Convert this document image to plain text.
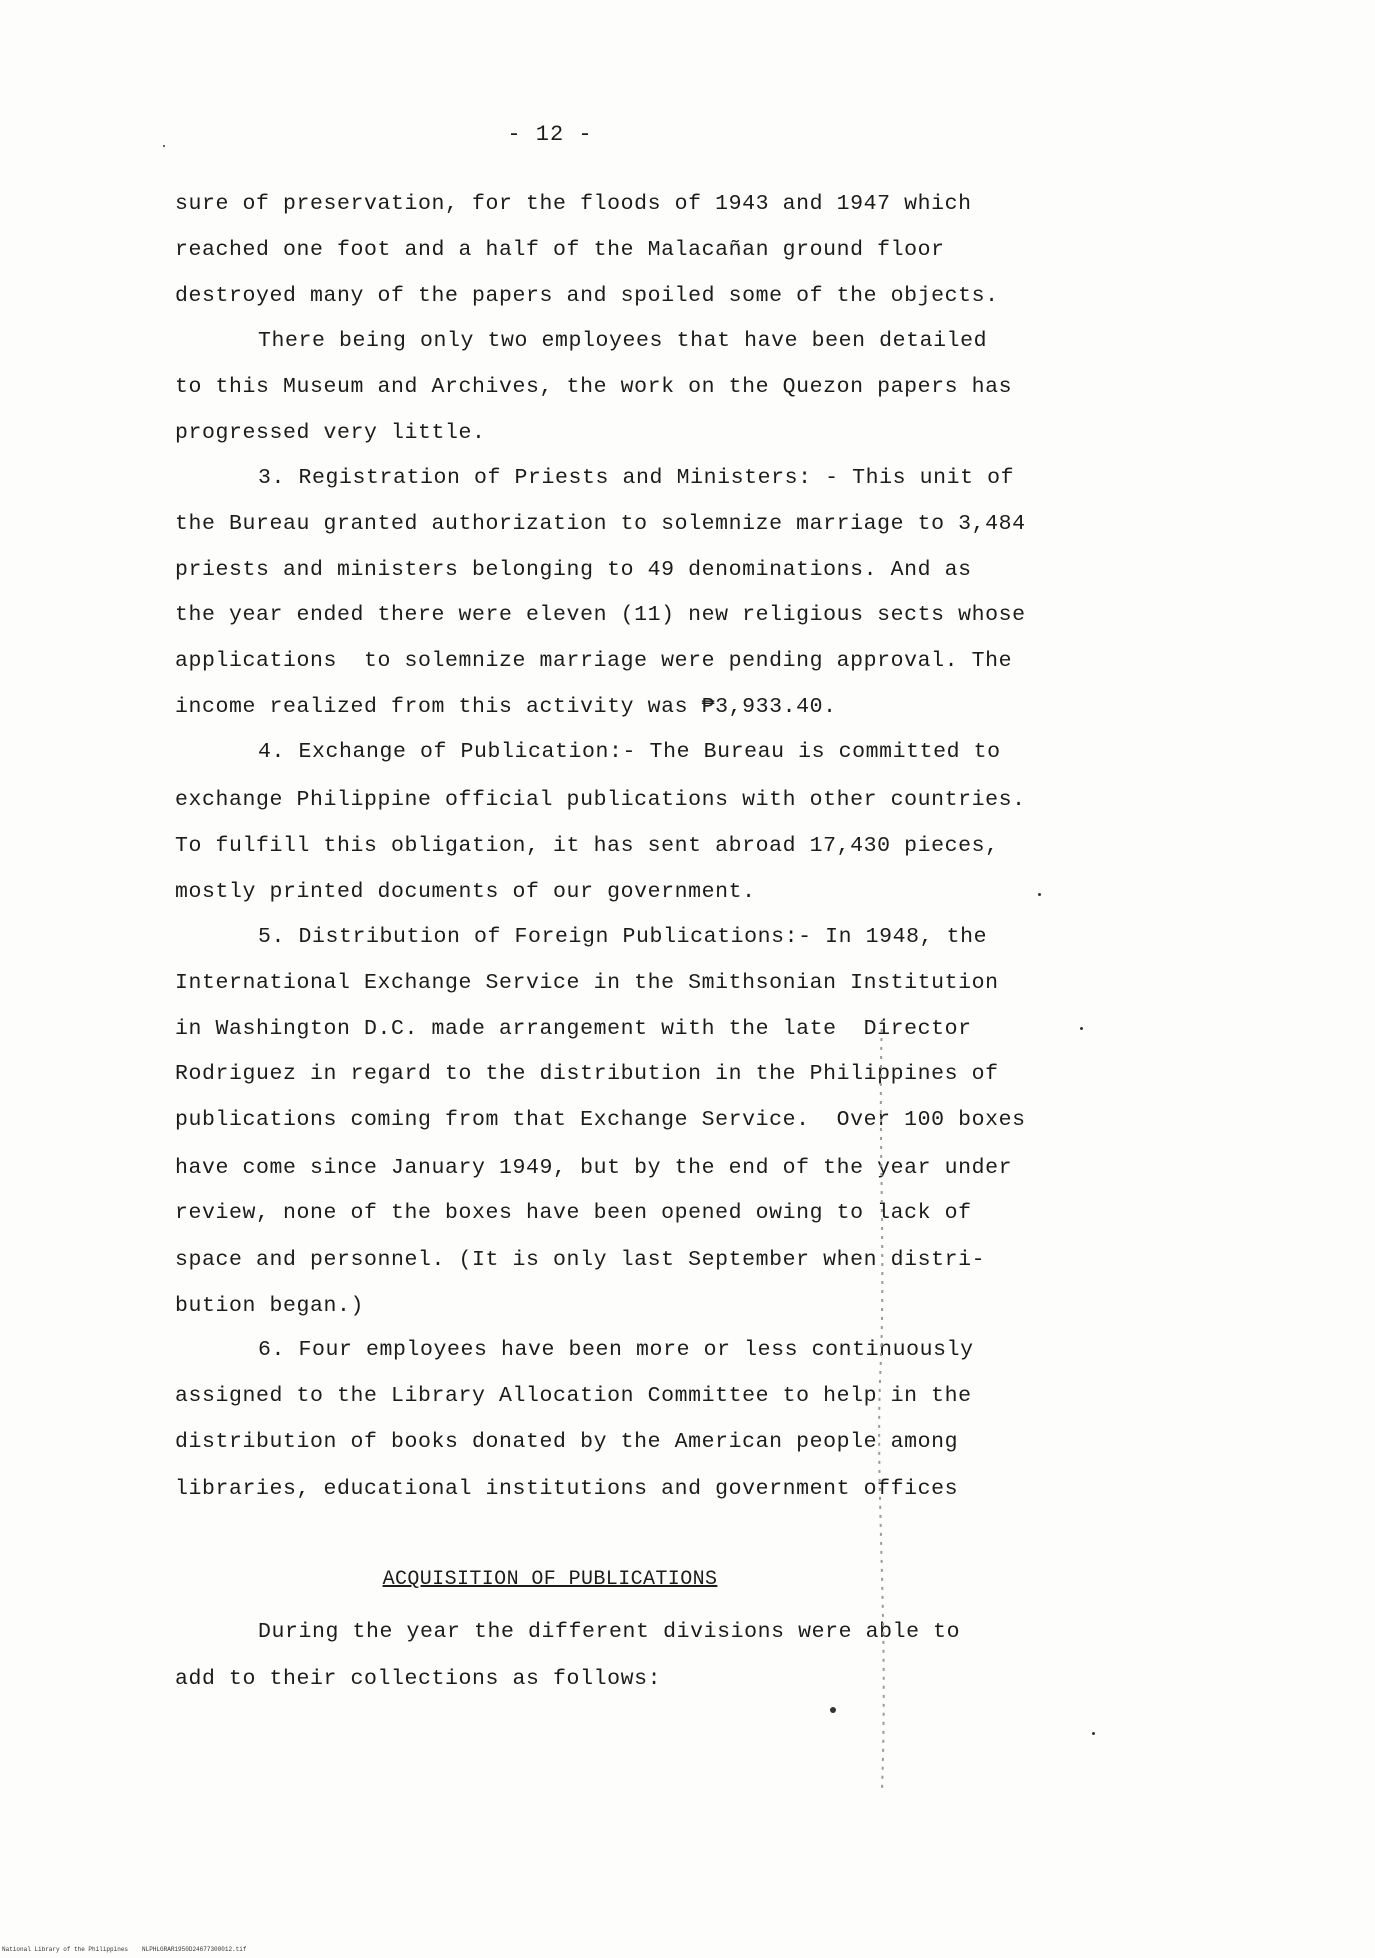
- 12 -
sure of preservation, for the floods of 1943 and 1947 which
reached one foot and a half of the Malacañan ground floor
destroyed many of the papers and spoiled some of the objects.
There being only two employees that have been detailed
to this Museum and Archives, the work on the Quezon papers has
progressed very little.
3. Registration of Priests and Ministers: - This unit of
the Bureau granted authorization to solemnize marriage to 3,484
priests and ministers belonging to 49 denominations. And as
the year ended there were eleven (11) new religious sects whose
applications  to solemnize marriage were pending approval. The
income realized from this activity was ₱3,933.40.
4. Exchange of Publication:- The Bureau is committed to
exchange Philippine official publications with other countries.
To fulfill this obligation, it has sent abroad 17,430 pieces,
mostly printed documents of our government.
5. Distribution of Foreign Publications:- In 1948, the
International Exchange Service in the Smithsonian Institution
in Washington D.C. made arrangement with the late  Director
Rodriguez in regard to the distribution in the Philippines of
publications coming from that Exchange Service.  Over 100 boxes
have come since January 1949, but by the end of the year under
review, none of the boxes have been opened owing to lack of
space and personnel. (It is only last September when distri-
bution began.)
6. Four employees have been more or less continuously
assigned to the Library Allocation Committee to help in the
distribution of books donated by the American people among
libraries, educational institutions and government offices
ACQUISITION OF PUBLICATIONS
During the year the different divisions were able to
add to their collections as follows:
National Library of the Philippines NLPHLGRAR1950D24677300012.tif
